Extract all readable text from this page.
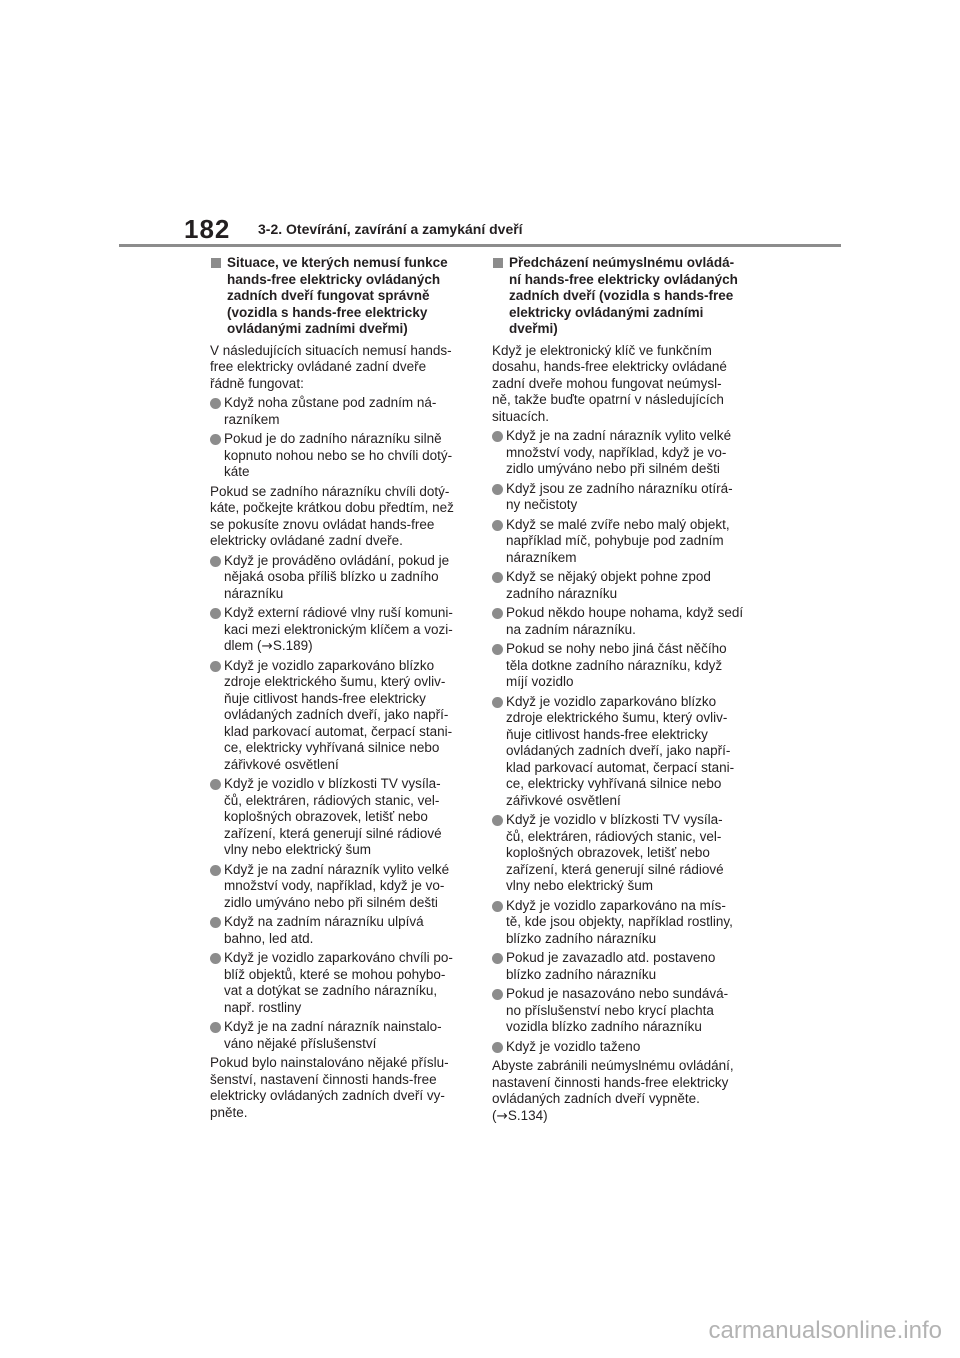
182 3-2. Otevírání, zavírání a zamykání dveří
Situace, ve kterých nemusí funkce hands-free elektricky ovládaných zadních dveří fungovat správně (vozidla s hands-free elektricky ovládanými zadními dveřmi)

V následujících situacích nemusí hands-free elektricky ovládané zadní dveře řádně fungovat:

Když noha zůstane pod zadním ná- razníkem
Pokud je do zadního nárazníku silně kopnuto nohou nebo se ho chvíli dotý- káte

Pokud se zadního nárazníku chvíli dotý- káte, počkejte krátkou dobu předtím, než se pokusíte znovu ovládat hands-free elektricky ovládané zadní dveře.

Když je prováděno ovládání, pokud je nějaká osoba příliš blízko u zadního nárazníku
Když externí rádiové vlny ruší komuni- kaci mezi elektronickým klíčem a vozi- dlem (→S.189)
Když je vozidlo zaparkováno blízko zdroje elektrického šumu, který ovliv- ňuje citlivost hands-free elektricky ovládaných zadních dveří, jako napří- klad parkovací automat, čerpací stani- ce, elektricky vyhřívaná silnice nebo zářivkové osvětlení
Když je vozidlo v blízkosti TV vysíla- čů, elektráren, rádiových stanic, vel- koplošných obrazovek, letišť nebo zařízení, která generují silné rádiové vlny nebo elektrický šum
Když je na zadní nárazník vylito velké množství vody, například, když je vo- zidlo umýváno nebo při silném dešti
Když na zadním nárazníku ulpívá bahno, led atd.
Když je vozidlo zaparkováno chvíli po- blíž objektů, které se mohou pohybo- vat a dotýkat se zadního nárazníku, např. rostliny
Když je na zadní nárazník nainstalo- váno nějaké příslušenství

Pokud bylo nainstalováno nějaké příslu- šenství, nastavení činnosti hands-free elektricky ovládaných zadních dveří vy- pněte.

Předcházení neúmyslnému ovládá- ní hands-free elektricky ovládaných zadních dveří (vozidla s hands-free elektricky ovládanými zadními dveřmi)

Když je elektronický klíč ve funkčním dosahu, hands-free elektricky ovládané zadní dveře mohou fungovat neúmysl- ně, takže buďte opatrní v následujících situacích.

Když je na zadní nárazník vylito velké množství vody, například, když je vo- zidlo umýváno nebo při silném dešti
Když jsou ze zadního nárazníku otírá- ny nečistoty
Když se malé zvíře nebo malý objekt, například míč, pohybuje pod zadním nárazníkem
Když se nějaký objekt pohne zpod zadního nárazníku
Pokud někdo houpe nohama, když sedí na zadním nárazníku.
Pokud se nohy nebo jiná část něčího těla dotkne zadního nárazníku, když míjí vozidlo
Když je vozidlo zaparkováno blízko zdroje elektrického šumu, který ovliv- ňuje citlivost hands-free elektricky ovládaných zadních dveří, jako napří- klad parkovací automat, čerpací stani- ce, elektricky vyhřívaná silnice nebo zářivkové osvětlení
Když je vozidlo v blízkosti TV vysíla- čů, elektráren, rádiových stanic, vel- koplošných obrazovek, letišť nebo zařízení, která generují silné rádiové vlny nebo elektrický šum
Když je vozidlo zaparkováno na mís- tě, kde jsou objekty, například rostliny, blízko zadního nárazníku
Pokud je zavazadlo atd. postaveno blízko zadního nárazníku
Pokud je nasazováno nebo sundává- no příslušenství nebo krycí plachta vozidla blízko zadního nárazníku
Když je vozidlo taženo

Abyste zabránili neúmyslnému ovládání, nastavení činnosti hands-free elektricky ovládaných zadních dveří vypněte. (→S.134)

carmanualsonline.info
